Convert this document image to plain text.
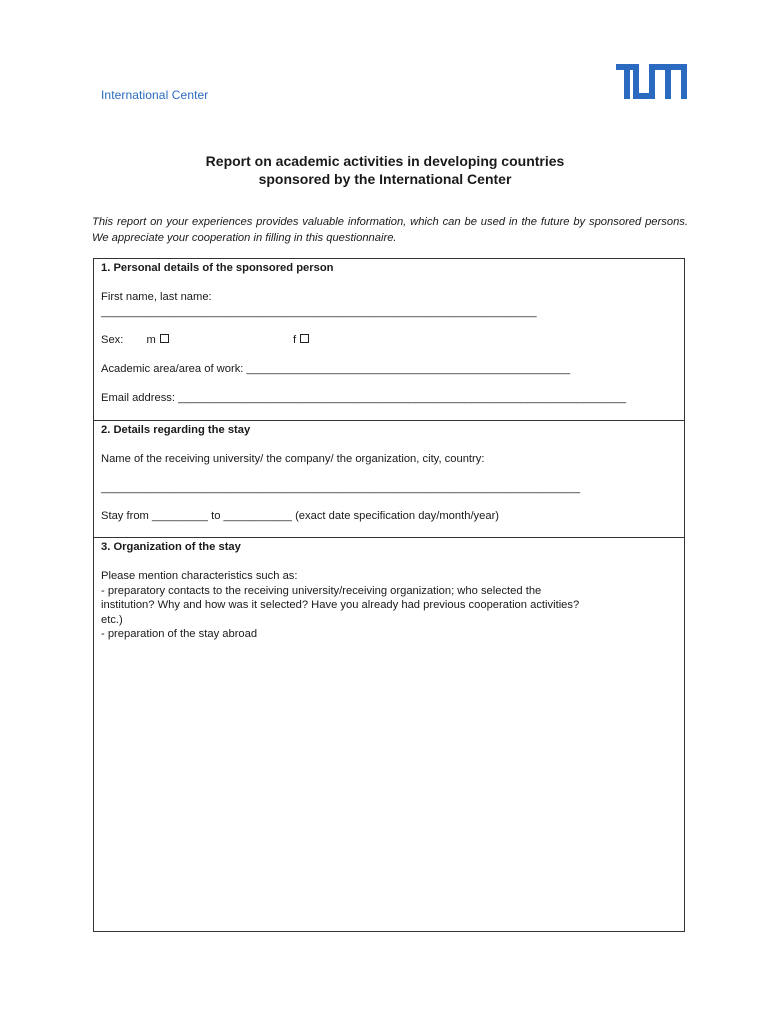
International Center
Report on academic activities in developing countries
sponsored by the International Center
This report on your experiences provides valuable information, which can be used in the future by sponsored persons. We appreciate your cooperation in filling in this questionnaire.
1. Personal details of the sponsored person
First name, last name:
______________________________________________________________________
Sex: m	f
Academic area/area of work: ____________________________________________________
Email address: ________________________________________________________________________
2. Details regarding the stay
Name of the receiving university/ the company/ the organization, city, country:
_____________________________________________________________________________
Stay from _________ to ___________ (exact date specification day/month/year)
3. Organization of the stay
Please mention characteristics such as:
- preparatory contacts to the receiving university/receiving organization; who selected the
institution? Why and how was it selected? Have you already had previous cooperation activities?
etc.)
- preparation of the stay abroad
